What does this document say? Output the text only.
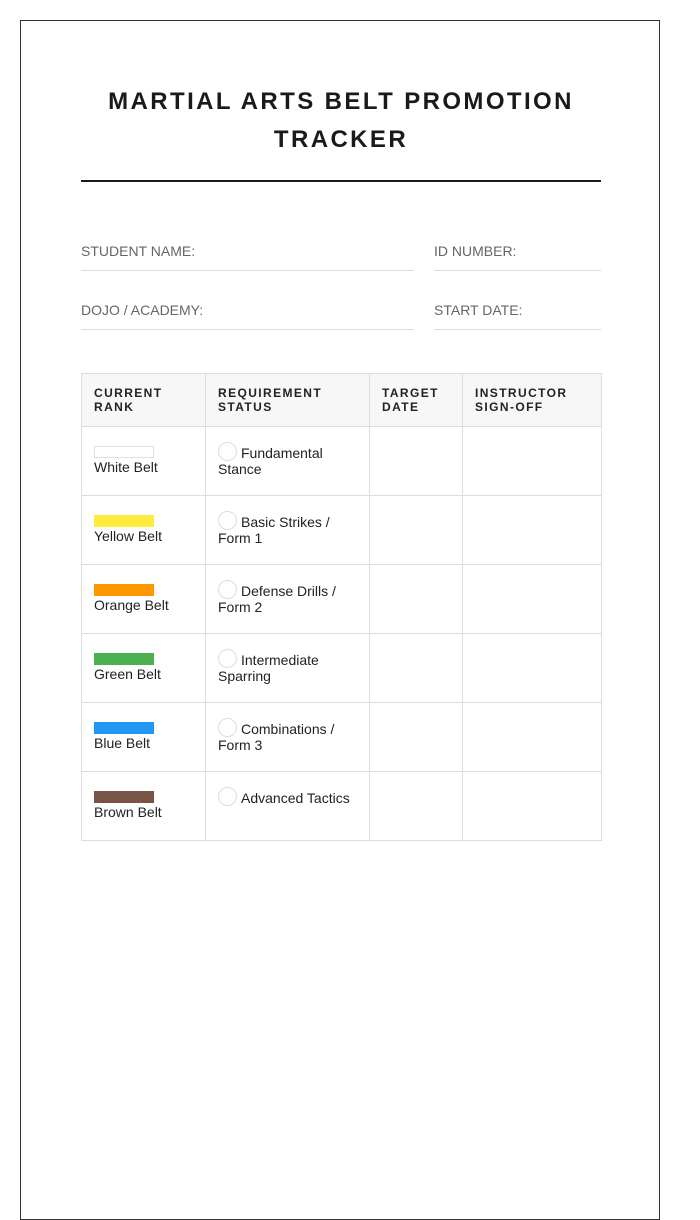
MARTIAL ARTS BELT PROMOTION TRACKER
STUDENT NAME:	ID NUMBER:
DOJO / ACADEMY:	START DATE:
CURRENT RANK	REQUIREMENT STATUS	TARGET DATE	INSTRUCTOR SIGN-OFF

White Belt	Fundamental Stance		

Yellow Belt	Basic Strikes / Form 1		

Orange Belt	Defense Drills / Form 2		

Green Belt	Intermediate Sparring		

Blue Belt	Combinations / Form 3		

Brown Belt	Advanced Tactics		
